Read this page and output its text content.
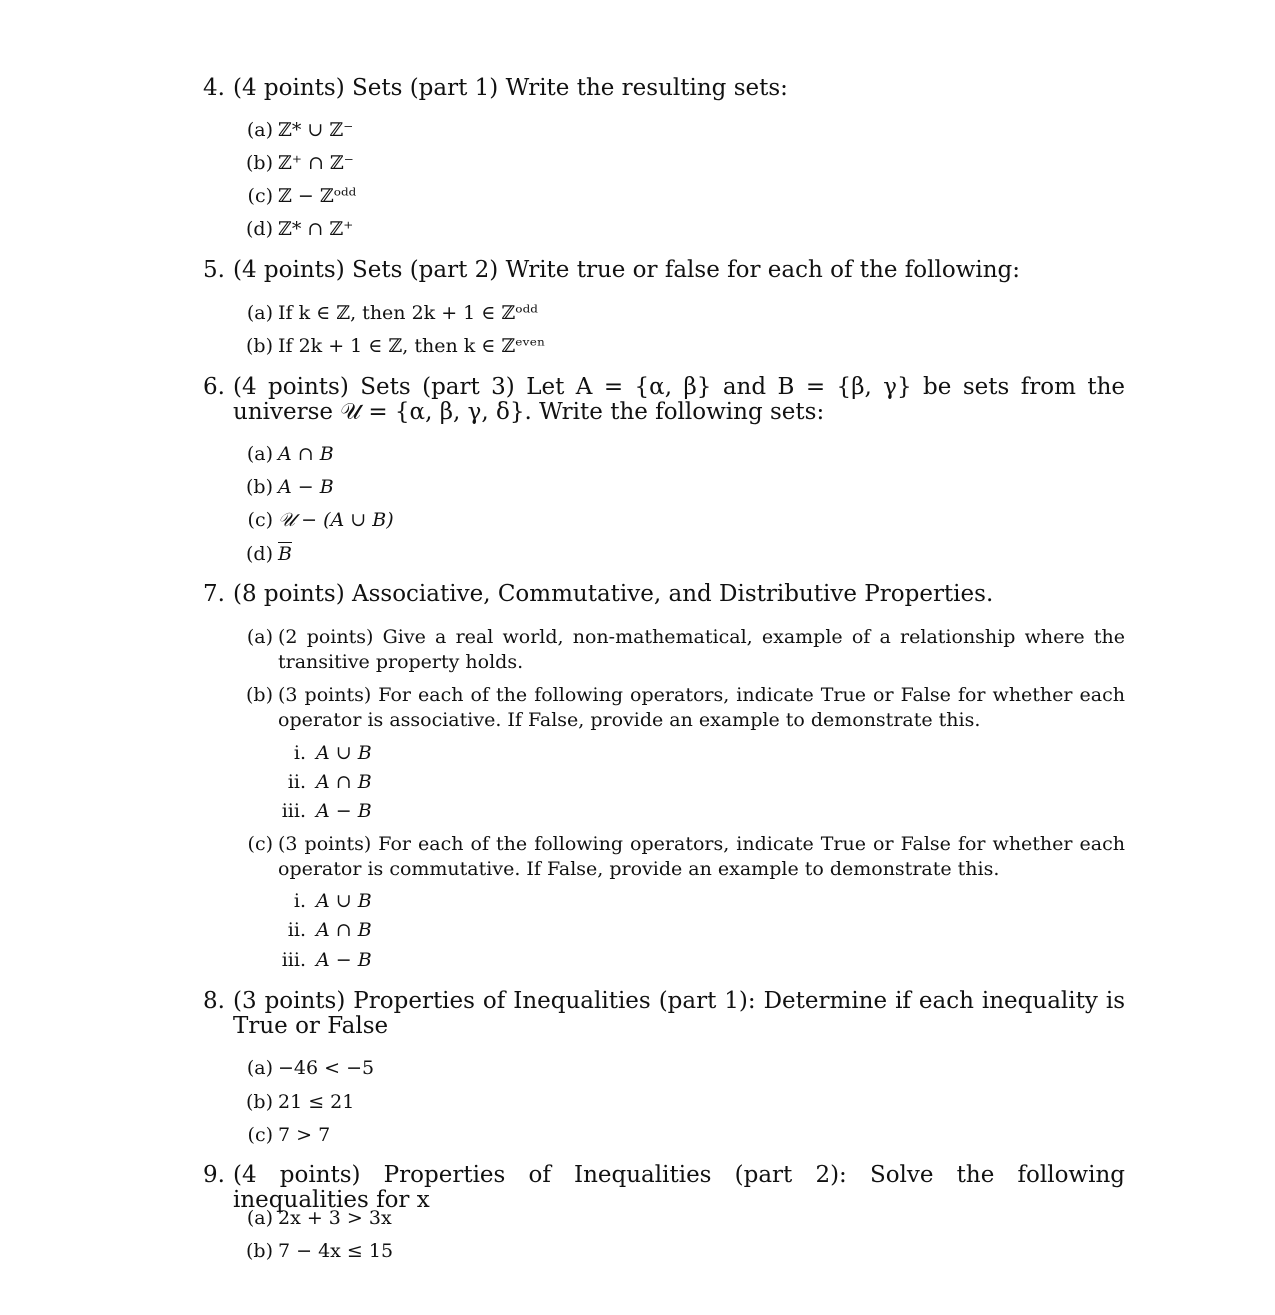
4. (4 points) Sets (part 1) Write the resulting sets:
(a) ℤ* ∪ ℤ⁻
(b) ℤ⁺ ∩ ℤ⁻
(c) ℤ − ℤᵒᵈᵈ
(d) ℤ* ∩ ℤ⁺
5. (4 points) Sets (part 2) Write true or false for each of the following:
(a) If k ∈ ℤ, then 2k + 1 ∈ ℤᵒᵈᵈ
(b) If 2k + 1 ∈ ℤ, then k ∈ ℤᵉᵛᵉⁿ
6. (4 points) Sets (part 3) Let A = {α, β} and B = {β, γ} be sets from the universe 𝒰 = {α, β, γ, δ}. Write the following sets:
(a) A ∩ B
(b) A − B
(c) 𝒰 − (A ∪ B)
(d) $\overline{B}$
7. (8 points) Associative, Commutative, and Distributive Properties.
(a) (2 points) Give a real world, non-mathematical, example of a relationship where the transitive property holds.
(b) (3 points) For each of the following operators, indicate True or False for whether each operator is associative. If False, provide an example to demonstrate this.
i. A ∪ B
ii. A ∩ B
iii. A − B
(c) (3 points) For each of the following operators, indicate True or False for whether each operator is commutative. If False, provide an example to demonstrate this.
i. A ∪ B
ii. A ∩ B
iii. A − B
8. (3 points) Properties of Inequalities (part 1): Determine if each inequality is True or False
(a) −46 < −5
(b) 21 ≤ 21
(c) 7 > 7
9. (4 points) Properties of Inequalities (part 2): Solve the following inequalities for x
(a) 2x + 3 > 3x
(b) 7 − 4x ≤ 15
